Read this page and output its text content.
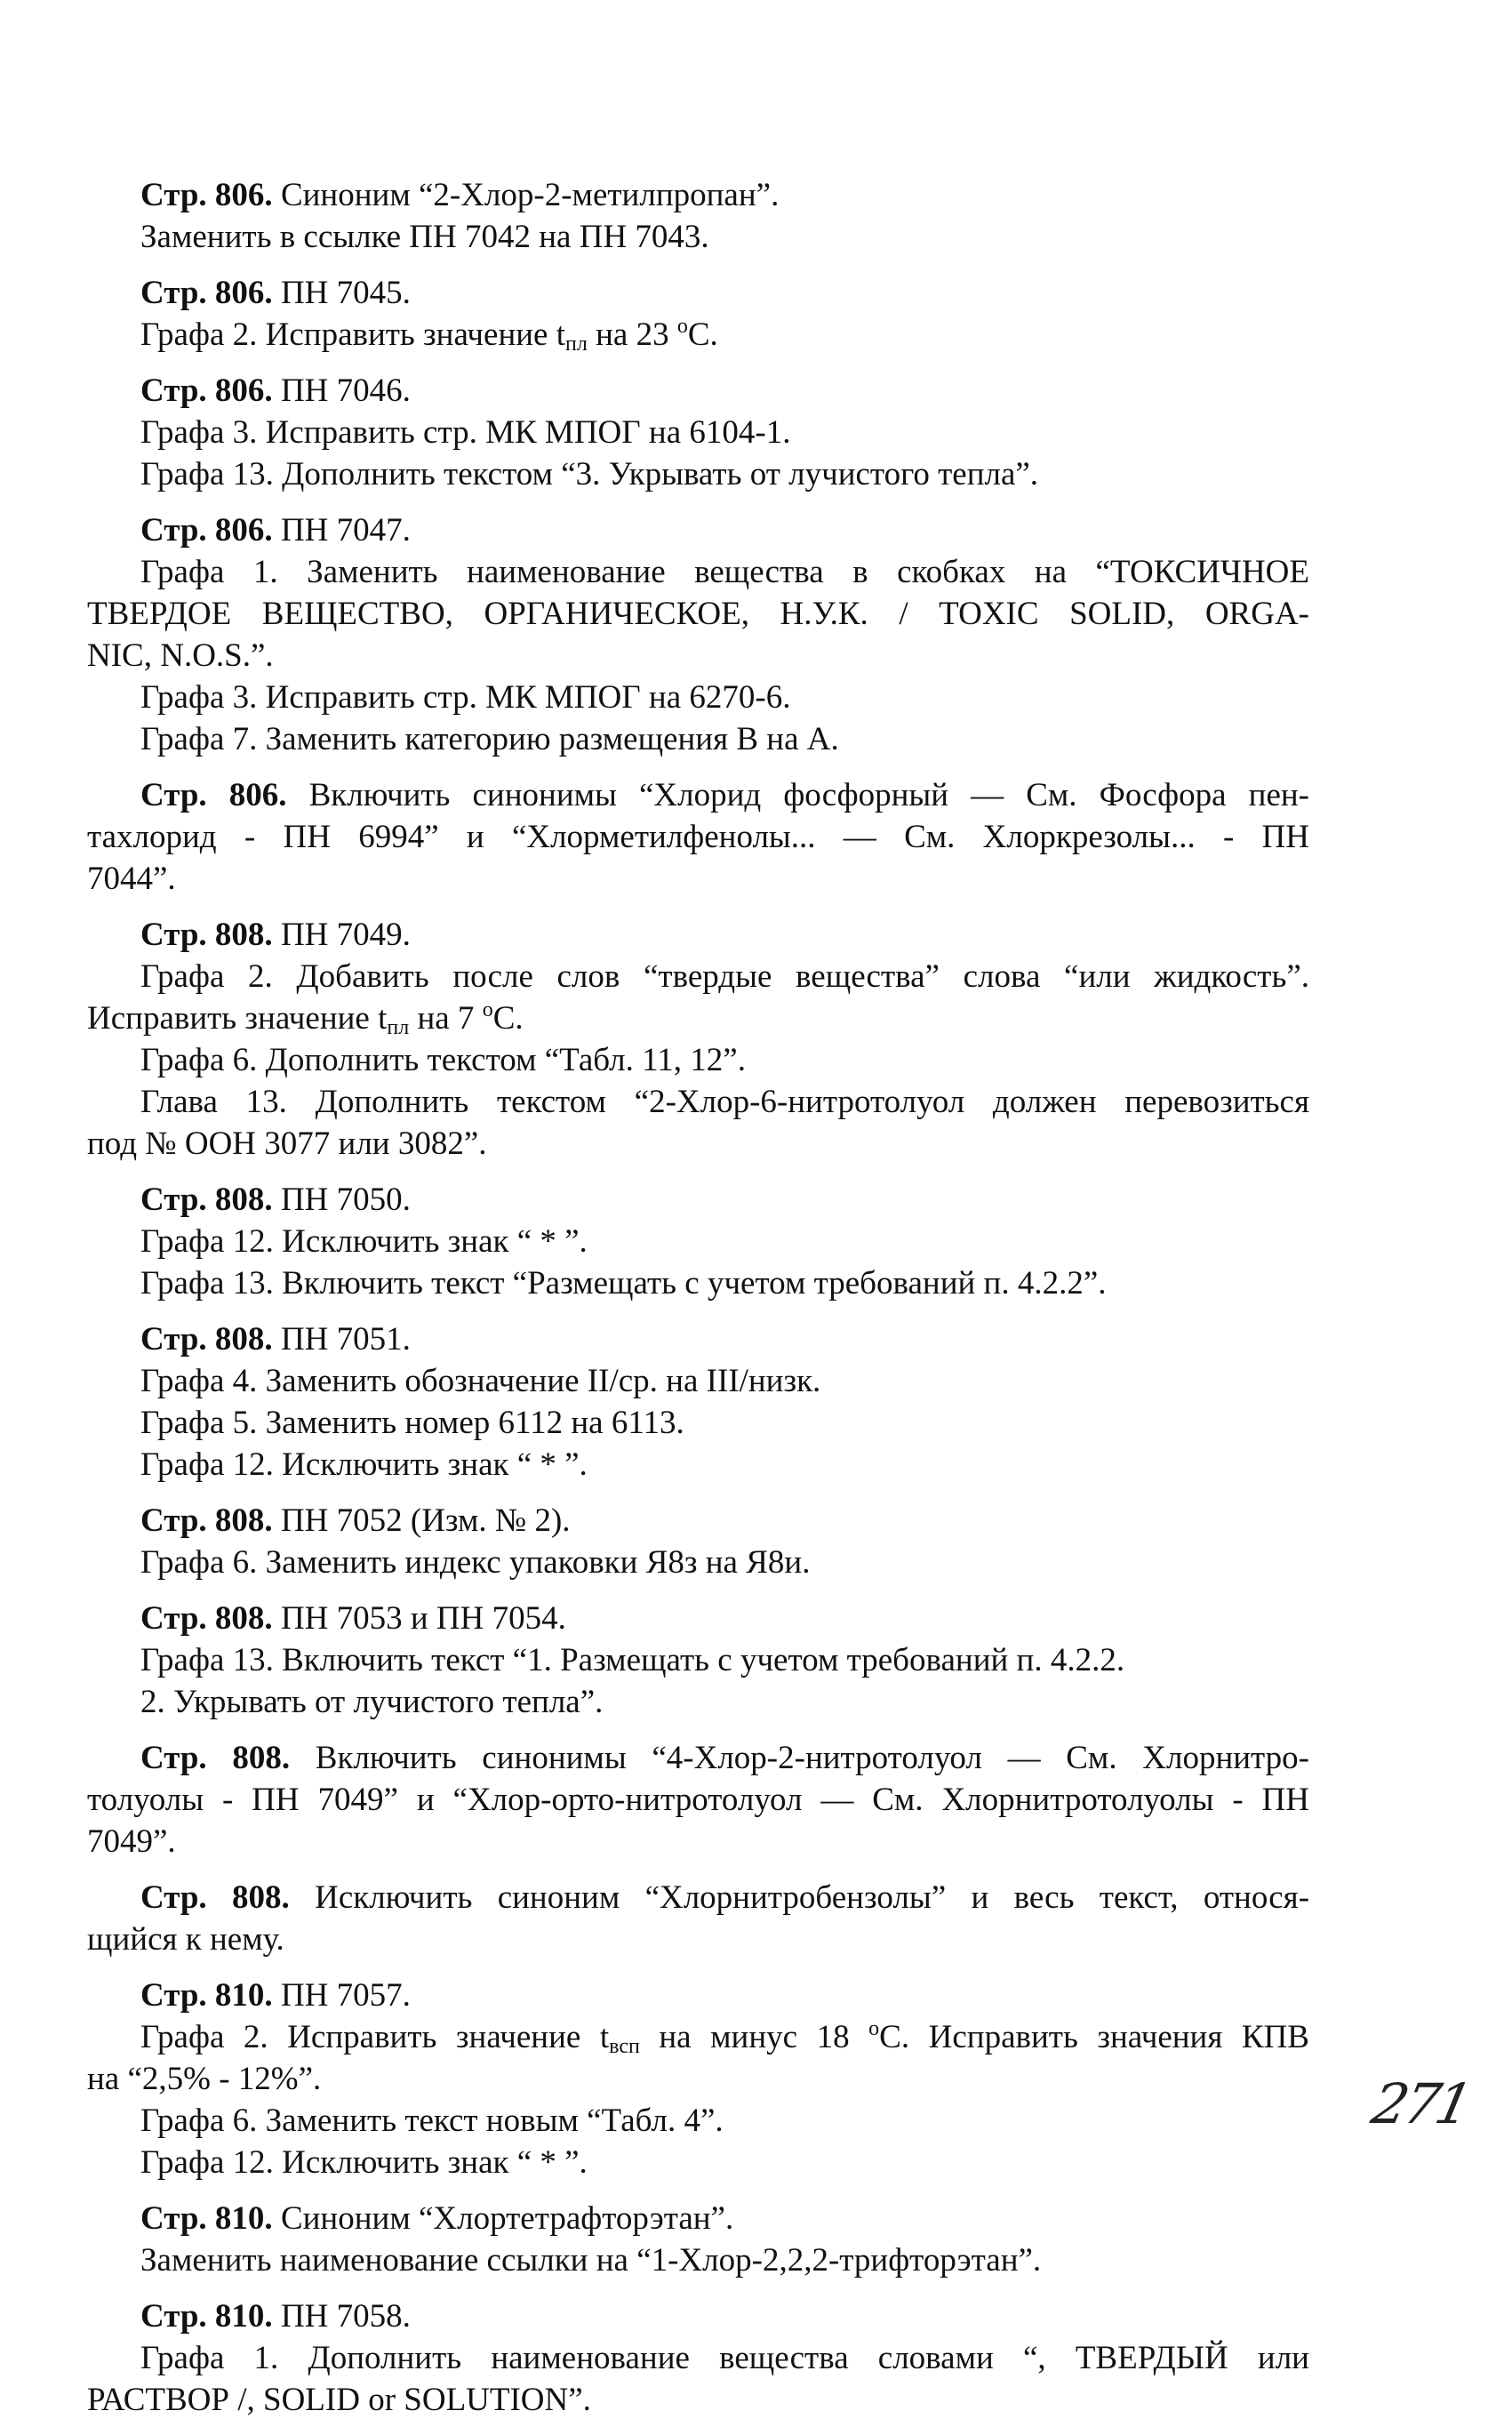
Стр. 806. Синоним “2-Хлор-2-метилпропан”.
Заменить в ссылке ПН 7042 на ПН 7043.
Стр. 806. ПН 7045.
Графа 2. Исправить значение $t_{пл}$ на 23 $^о$С.
Стр. 806. ПН 7046.
Графа 3. Исправить стр. МК МПОГ на 6104-1.
Графа 13. Дополнить текстом “3. Укрывать от лучистого тепла”.
Стр. 806. ПН 7047.
Графа 1. Заменить наименование вещества в скобках на “ТОКСИЧНОЕ
ТВЕРДОЕ ВЕЩЕСТВО, ОРГАНИЧЕСКОЕ, Н.У.К. / TOXIC SOLID, ORGA-
NIC, N.O.S.”.
Графа 3. Исправить стр. МК МПОГ на 6270-6.
Графа 7. Заменить категорию размещения В на А.
Стр. 806. Включить синонимы “Хлорид фосфорный — См. Фосфора пен-
тахлорид - ПН 6994” и “Хлорметилфенолы... — См. Хлоркрезолы... - ПН
7044”.
Стр. 808. ПН 7049.
Графа 2. Добавить после слов “твердые вещества” слова “или жидкость”.
Исправить значение $t_{пл}$ на 7 $^о$С.
Графа 6. Дополнить текстом “Табл. 11, 12”.
Глава 13. Дополнить текстом “2-Хлор-6-нитротолуол должен перевозиться
под № ООН 3077 или 3082”.
Стр. 808. ПН 7050.
Графа 12. Исключить знак “ * ”.
Графа 13. Включить текст “Размещать с учетом требований п. 4.2.2”.
Стр. 808. ПН 7051.
Графа 4. Заменить обозначение II/ср. на III/низк.
Графа 5. Заменить номер 6112 на 6113.
Графа 12. Исключить знак “ * ”.
Стр. 808. ПН 7052 (Изм. № 2).
Графа 6. Заменить индекс упаковки Я8з на Я8и.
Стр. 808. ПН 7053 и ПН 7054.
Графа 13. Включить текст “1. Размещать с учетом требований п. 4.2.2.
2. Укрывать от лучистого тепла”.
Стр. 808. Включить синонимы “4-Хлор-2-нитротолуол — См. Хлорнитро-
толуолы - ПН 7049” и “Хлор-орто-нитротолуол — См. Хлорнитротолуолы - ПН
7049”.
Стр. 808. Исключить синоним “Хлорнитробензолы” и весь текст, относя-
щийся к нему.
Стр. 810. ПН 7057.
Графа 2. Исправить значение $t_{всп}$ на минус 18 $^о$С. Исправить значения КПВ
на “2,5% - 12%”.
Графа 6. Заменить текст новым “Табл. 4”.
Графа 12. Исключить знак “ * ”.
Стр. 810. Синоним “Хлортетрафторэтан”.
Заменить наименование ссылки на “1-Хлор-2,2,2-трифторэтан”.
Стр. 810. ПН 7058.
Графа 1. Дополнить наименование вещества словами “, ТВЕРДЫЙ или
РАСТВОР /, SOLID or SOLUTION”.
271
